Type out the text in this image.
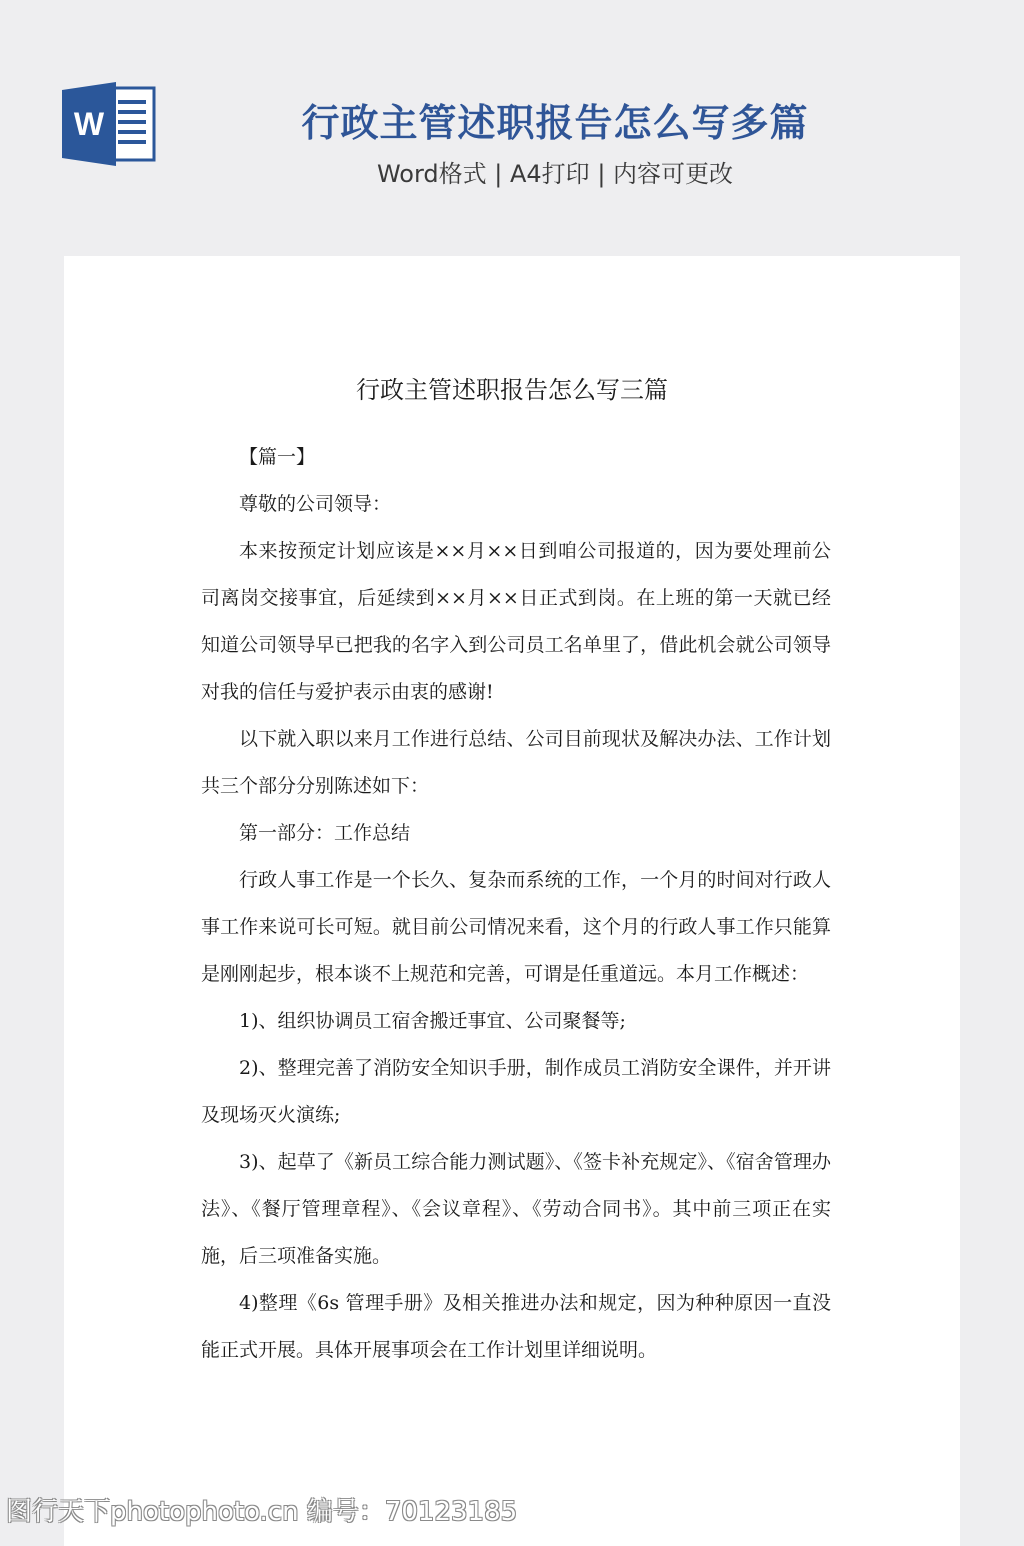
W	行政主管述职报告怎么写多篇
Word格式 | A4打印 | 内容可更改
行政主管述职报告怎么写三篇

【篇一】

尊敬的公司领导：

本来按预定计划应该是××月××日到咱公司报道的，因为要处理前公司离岗交接事宜，后延续到××月××日正式到岗。在上班的第一天就已经知道公司领导早已把我的名字入到公司员工名单里了，借此机会就公司领导对我的信任与爱护表示由衷的感谢!

以下就入职以来月工作进行总结、公司目前现状及解决办法、工作计划共三个部分分别陈述如下：

第一部分：工作总结

行政人事工作是一个长久、复杂而系统的工作，一个月的时间对行政人事工作来说可长可短。就目前公司情况来看，这个月的行政人事工作只能算是刚刚起步，根本谈不上规范和完善，可谓是任重道远。本月工作概述：

1)、组织协调员工宿舍搬迁事宜、公司聚餐等;

2)、整理完善了消防安全知识手册，制作成员工消防安全课件，并开讲及现场灭火演练;

3)、起草了《新员工综合能力测试题》、《签卡补充规定》、《宿舍管理办法》、《餐厅管理章程》、《会议章程》、《劳动合同书》。其中前三项正在实施，后三项准备实施。

4)整理《6s 管理手册》及相关推进办法和规定，因为种种原因一直没能正式开展。具体开展事项会在工作计划里详细说明。

图行天下photophoto.cn 编号：70123185
